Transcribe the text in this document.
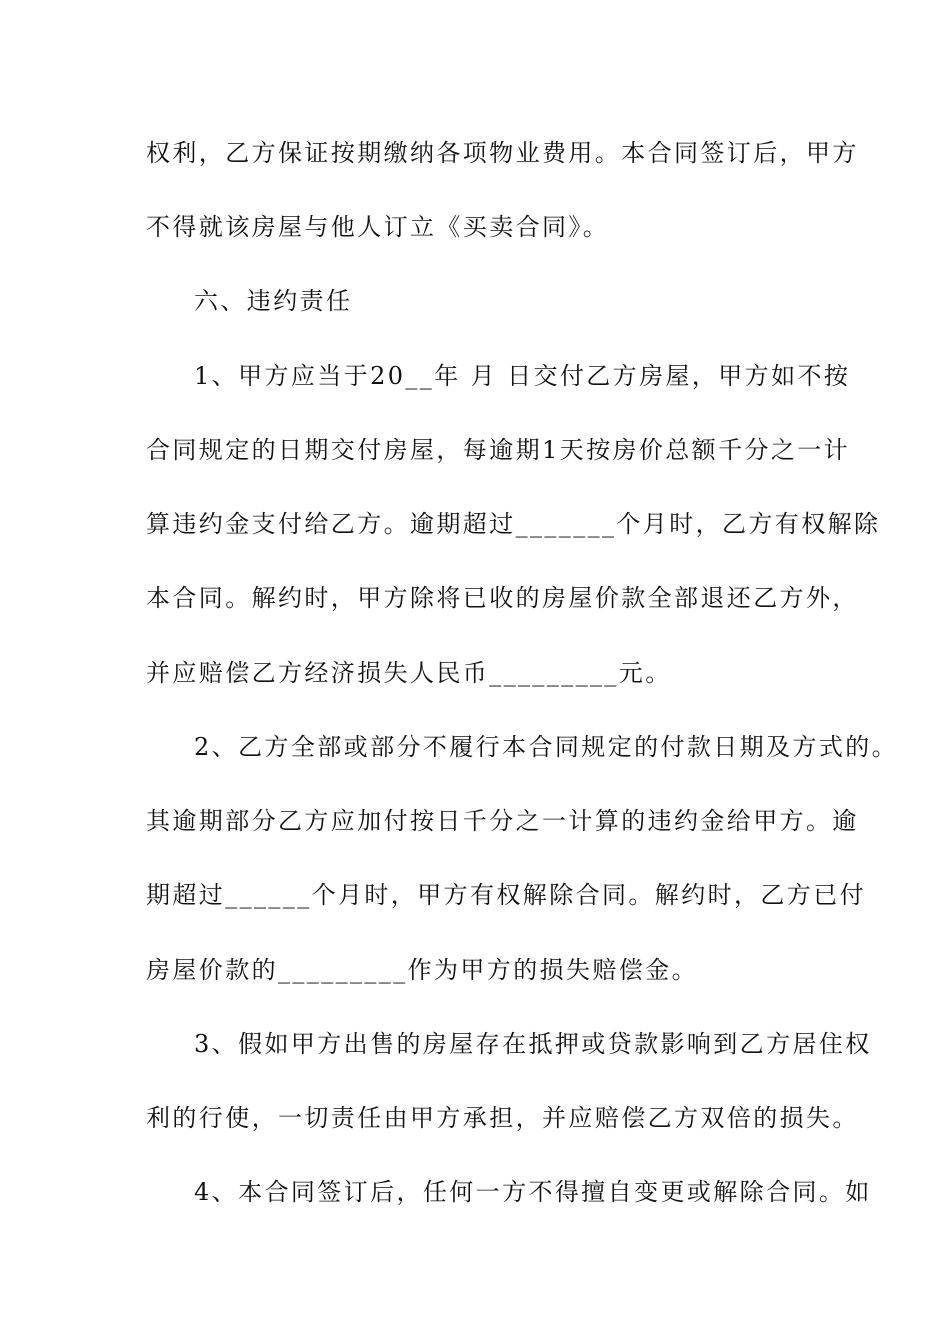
权利，乙方保证按期缴纳各项物业费用。本合同签订后，甲方
不得就该房屋与他人订立《买卖合同》。
六、违约责任
1、甲方应当于20__年 月 日交付乙方房屋，甲方如不按
合同规定的日期交付房屋，每逾期1天按房价总额千分之一计
算违约金支付给乙方。逾期超过_______个月时，乙方有权解除
本合同。解约时，甲方除将已收的房屋价款全部退还乙方外，
并应赔偿乙方经济损失人民币_________元。
2、乙方全部或部分不履行本合同规定的付款日期及方式的。
其逾期部分乙方应加付按日千分之一计算的违约金给甲方。逾
期超过______个月时，甲方有权解除合同。解约时，乙方已付
房屋价款的_________作为甲方的损失赔偿金。
3、假如甲方出售的房屋存在抵押或贷款影响到乙方居住权
利的行使，一切责任由甲方承担，并应赔偿乙方双倍的损失。
4、本合同签订后，任何一方不得擅自变更或解除合同。如
